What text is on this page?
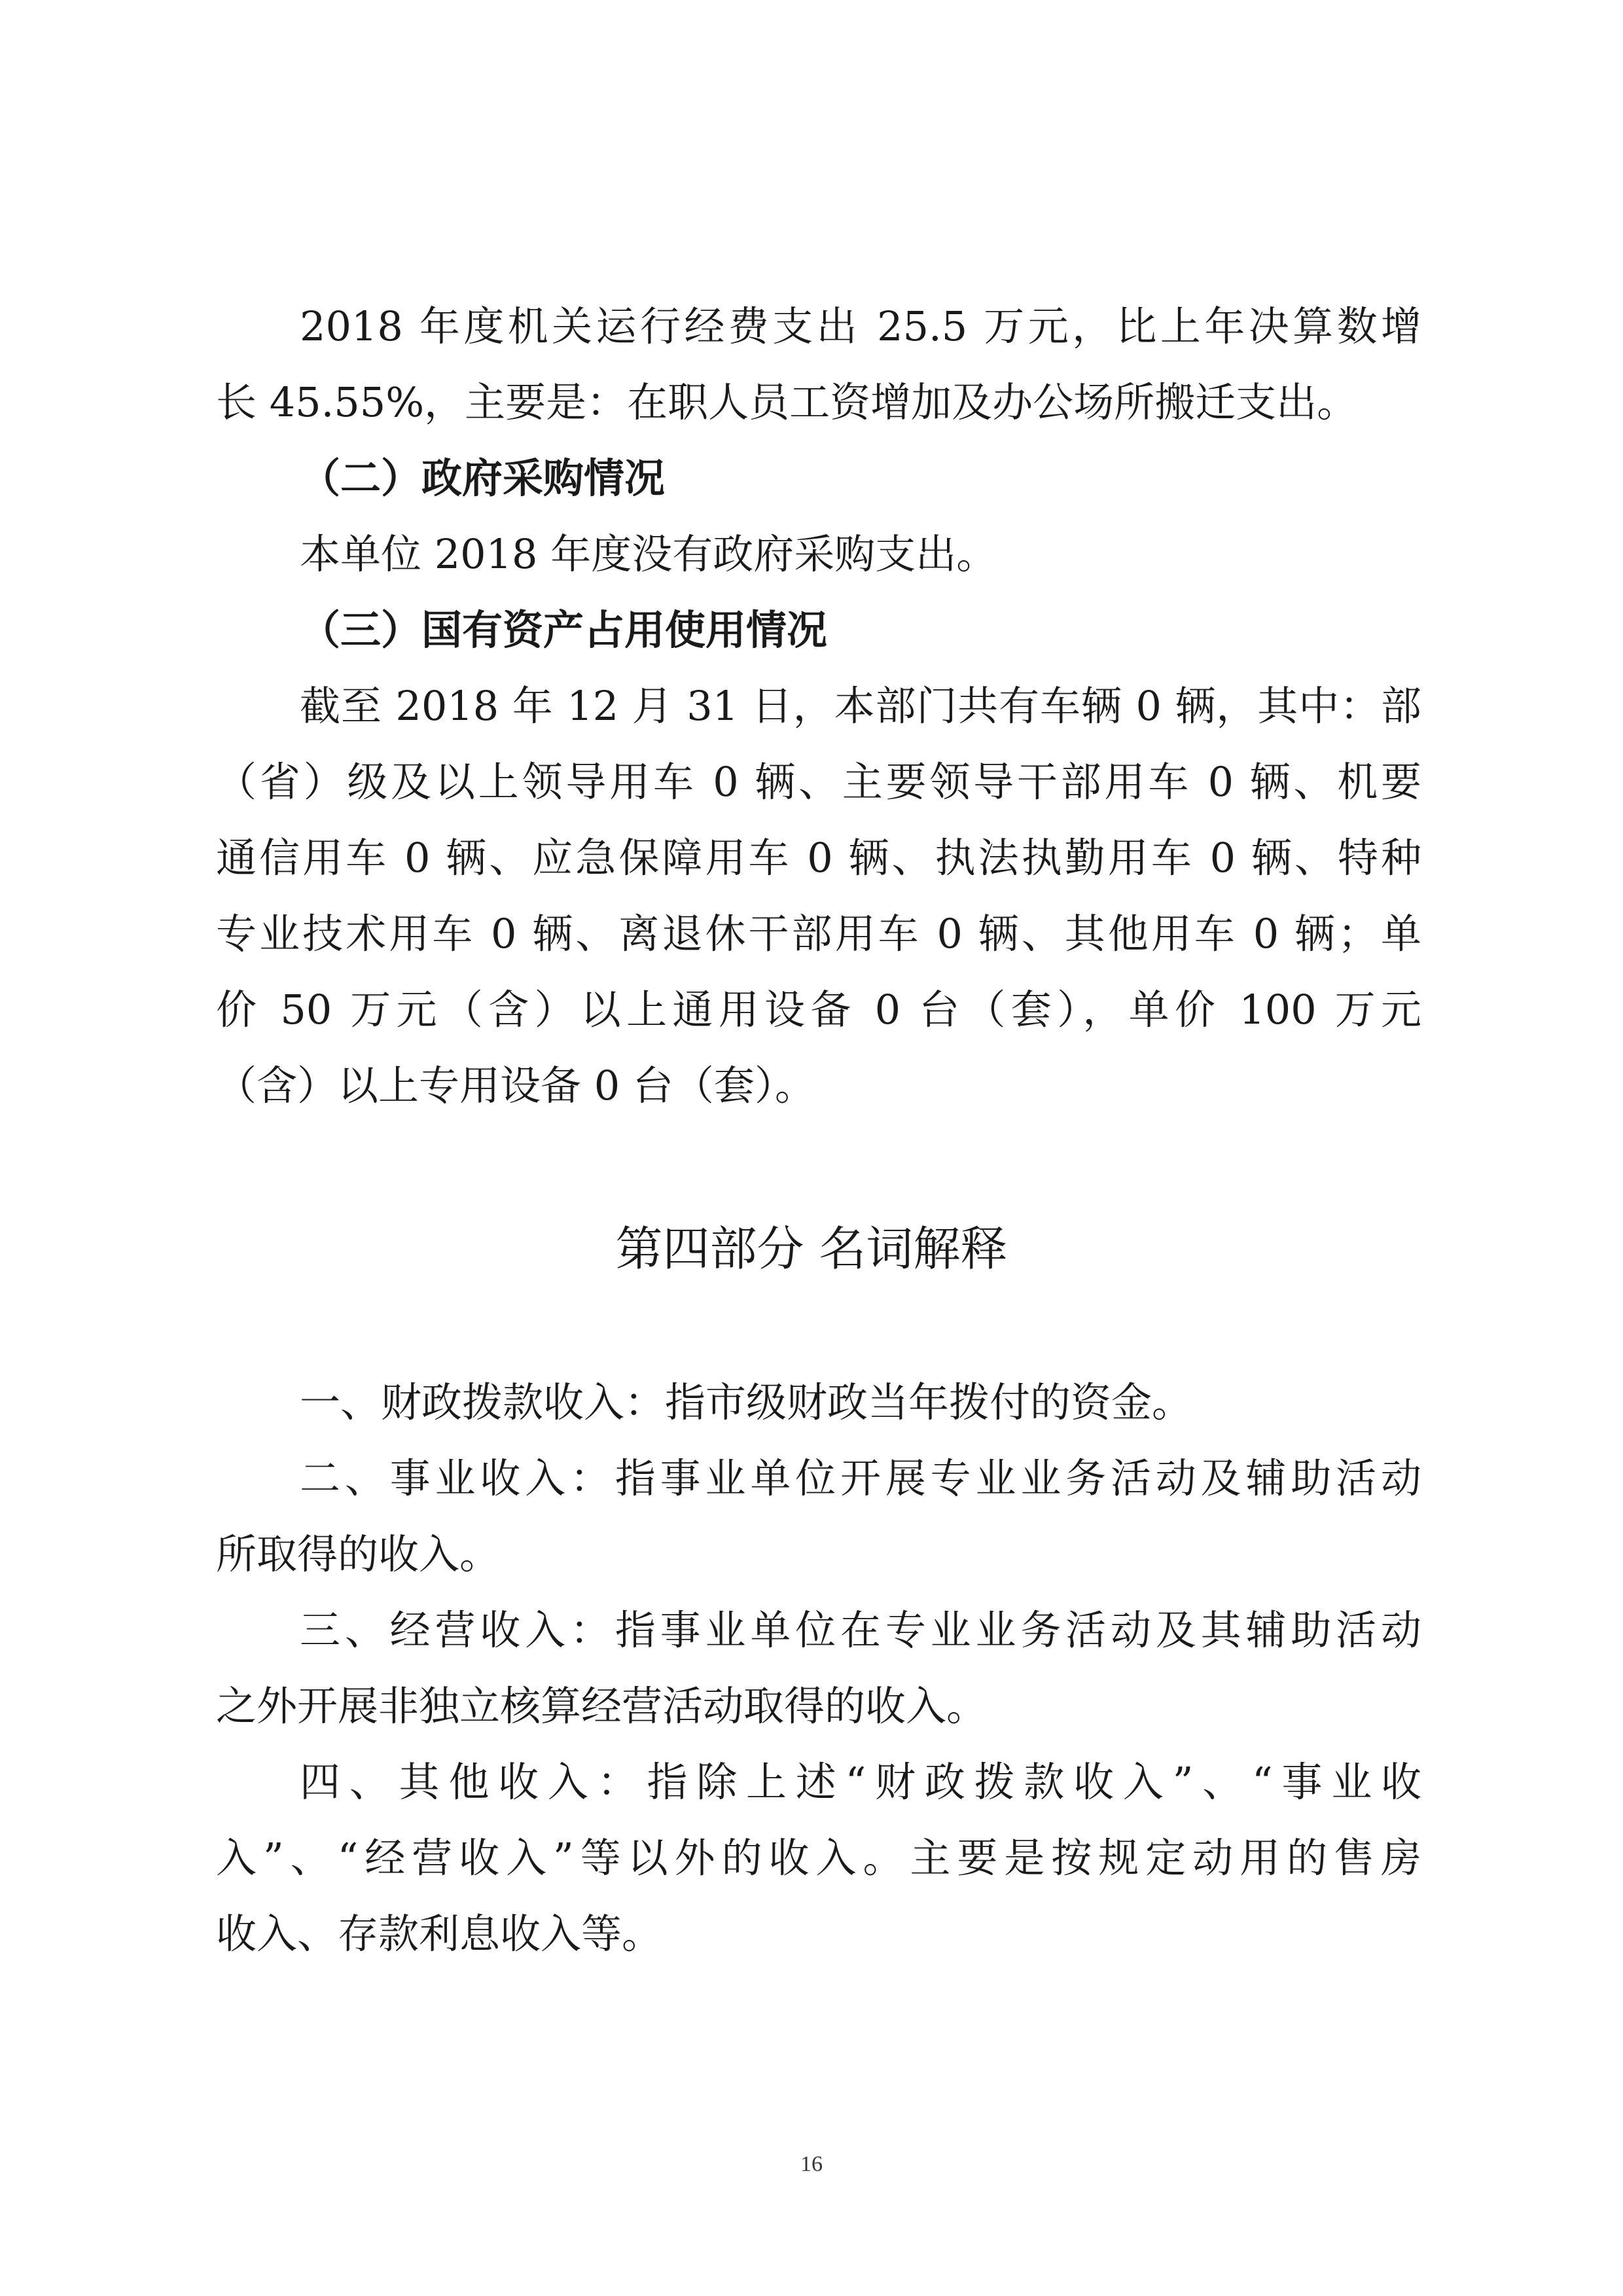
2018 年度机关运行经费支出 25.5 万元，比上年决算数增
长 45.55%，主要是：在职人员工资增加及办公场所搬迁支出。
（二）政府采购情况
本单位 2018 年度没有政府采购支出。
（三）国有资产占用使用情况
截至 2018 年 12 月 31 日，本部门共有车辆 0 辆，其中：部
（省）级及以上领导用车 0 辆、主要领导干部用车 0 辆、机要
通信用车 0 辆、应急保障用车 0 辆、执法执勤用车 0 辆、特种
专业技术用车 0 辆、离退休干部用车 0 辆、其他用车 0 辆；单
价 50 万元（含）以上通用设备 0 台（套），单价 100 万元
（含）以上专用设备 0 台（套）。
第四部分 名词解释
一、财政拨款收入：指市级财政当年拨付的资金。
二、事业收入：指事业单位开展专业业务活动及辅助活动
所取得的收入。
三、经营收入：指事业单位在专业业务活动及其辅助活动
之外开展非独立核算经营活动取得的收入。
四、其他收入：指除上述“财政拨款收入”、“事业收
入”、“经营收入”等以外的收入。主要是按规定动用的售房
收入、存款利息收入等。
16
